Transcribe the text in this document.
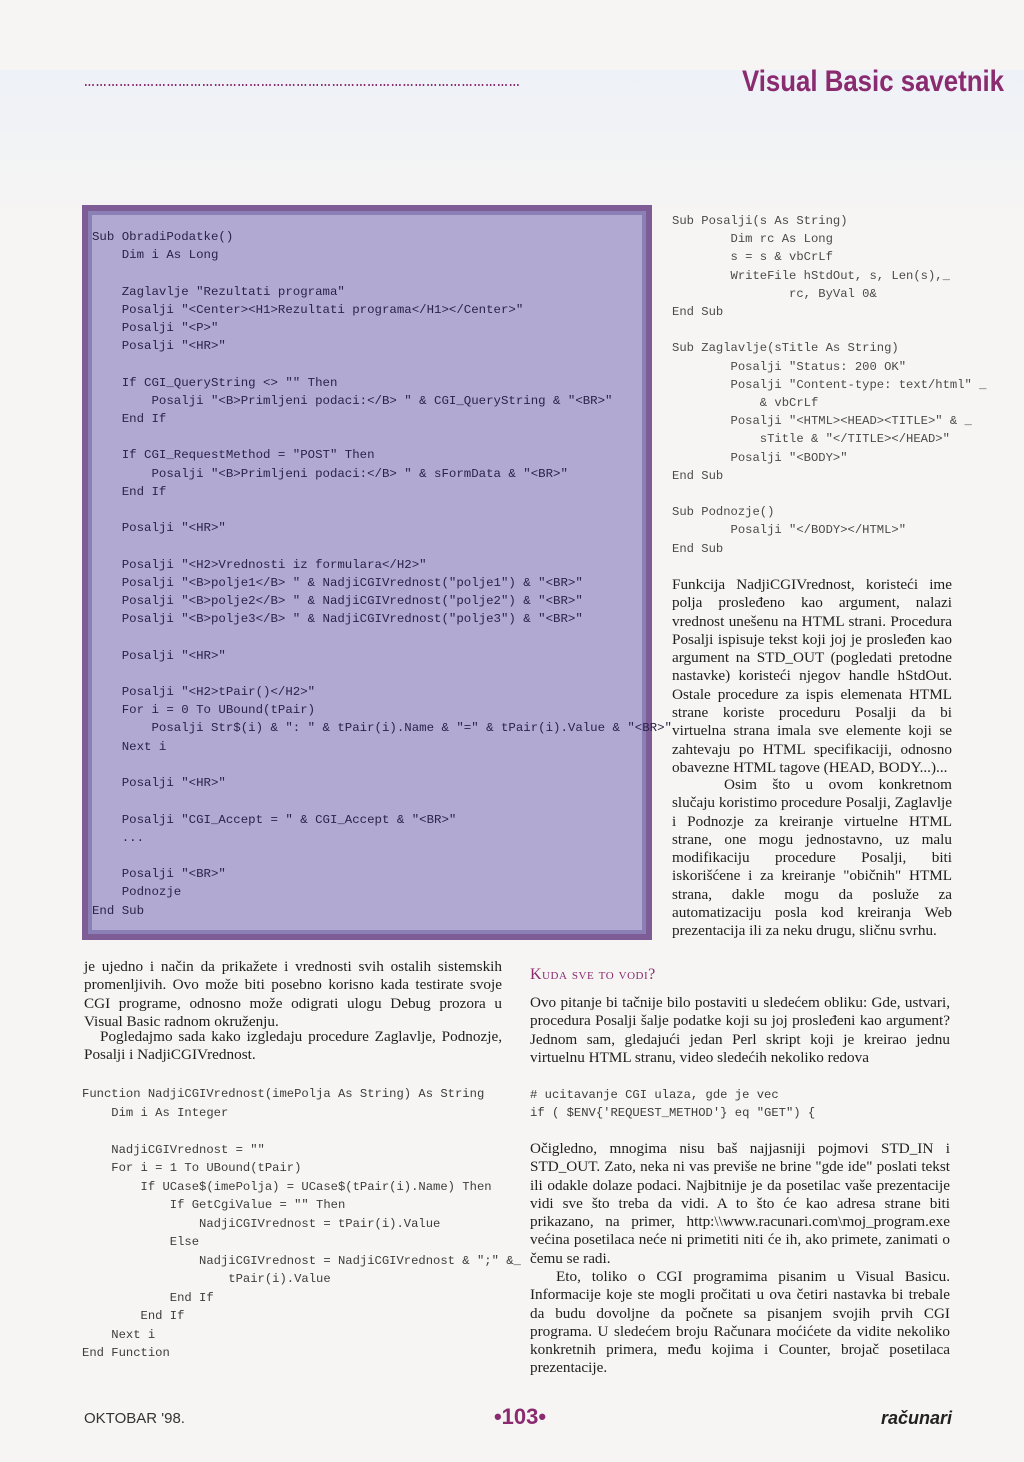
…………………………………………………………………………………………………	Visual Basic savetnik
Sub ObradiPodatke()
Dim i As Long

Zaglavlje "Rezultati programa"
Posalji "<Center><H1>Rezultati programa</H1></Center>"
Posalji "<P>"
Posalji "<HR>"

If CGI_QueryString <> "" Then
Posalji "<B>Primljeni podaci:</B> " & CGI_QueryString & "<BR>"
End If

If CGI_RequestMethod = "POST" Then
Posalji "<B>Primljeni podaci:</B> " & sFormData & "<BR>"
End If

Posalji "<HR>"

Posalji "<H2>Vrednosti iz formulara</H2>"
Posalji "<B>polje1</B> " & NadjiCGIVrednost("polje1") & "<BR>"
Posalji "<B>polje2</B> " & NadjiCGIVrednost("polje2") & "<BR>"
Posalji "<B>polje3</B> " & NadjiCGIVrednost("polje3") & "<BR>"

Posalji "<HR>"

Posalji "<H2>tPair()</H2>"
For i = 0 To UBound(tPair)
Posalji Str$(i) & ": " & tPair(i).Name & "=" & tPair(i).Value & "<BR>"
Next i

Posalji "<HR>"

Posalji "CGI_Accept = " & CGI_Accept & "<BR>"
...

Posalji "<BR>"
Podnozje
End Sub
Sub Posalji(s As String)
Dim rc As Long
s = s & vbCrLf
WriteFile hStdOut, s, Len(s),_
rc, ByVal 0&
End Sub

Sub Zaglavlje(sTitle As String)
Posalji "Status: 200 OK"
Posalji "Content-type: text/html" _
& vbCrLf
Posalji "<HTML><HEAD><TITLE>" & _
sTitle & "</TITLE></HEAD>"
Posalji "<BODY>"
End Sub

Sub Podnozje()
Posalji "</BODY></HTML>"
End Sub

Funkcija NadjiCGIVrednost, koristeći ime polja prosleđeno kao argument, nalazi vrednost unešenu na HTML strani. Procedura Posalji ispisuje tekst koji joj je prosleđen kao argument na STD_OUT (pogledati pretodne nastavke) koristeći njegov handle hStdOut. Ostale procedure za ispis elemenata HTML strane koriste proceduru Posalji da bi virtuelna strana imala sve elemente koji se zahtevaju po HTML specifikaciji, odnosno obavezne HTML tagove (HEAD, BODY...)...

Osim što u ovom konkretnom slučaju koristimo procedure Posalji, Zaglavlje i Podnozje za kreiranje virtuelne HTML strane, one mogu jednostavno, uz malu modifikaciju procedure Posalji, biti iskorišćene i za kreiranje "običnih" HTML strana, dakle mogu da posluže za automatizaciju posla kod kreiranja Web prezentacija ili za neku drugu, sličnu svrhu.

je ujedno i način da prikažete i vrednosti svih ostalih sistemskih promenljivih. Ovo može biti posebno korisno kada testirate svoje CGI programe, odnosno može odigrati ulogu Debug prozora u Visual Basic radnom okruženju.

Pogledajmo sada kako izgledaju procedure Zaglavlje, Podnozje, Posalji i NadjiCGIVrednost.

Function NadjiCGIVrednost(imePolja As String) As String
Dim i As Integer

NadjiCGIVrednost = ""
For i = 1 To UBound(tPair)
If UCase$(imePolja) = UCase$(tPair(i).Name) Then
If GetCgiValue = "" Then
NadjiCGIVrednost = tPair(i).Value
Else
NadjiCGIVrednost = NadjiCGIVrednost & ";" &_
tPair(i).Value
End If
End If
Next i
End Function
Kuda sve to vodi?

Ovo pitanje bi tačnije bilo postaviti u sledećem obliku: Gde, ustvari, procedura Posalji šalje podatke koji su joj prosleđeni kao argument? Jednom sam, gledajući jedan Perl skript koji je kreirao jednu virtuelnu HTML stranu, video sledećih nekoliko redova

# ucitavanje CGI ulaza, gde je vec
if ( $ENV{'REQUEST_METHOD'} eq "GET") {

Očigledno, mnogima nisu baš najjasniji pojmovi STD_IN i STD_OUT. Zato, neka ni vas previše ne brine "gde ide" poslati tekst ili odakle dolaze podaci. Najbitnije je da posetilac vaše prezentacije vidi sve što treba da vidi. A to što će kao adresa strane biti prikazano, na primer, http:\\www.racunari.com\moj_program.exe većina posetilaca neće ni primetiti niti će ih, ako primete, zanimati o čemu se radi.

Eto, toliko o CGI programima pisanim u Visual Basicu. Informacije koje ste mogli pročitati u ova četiri nastavka bi trebale da budu dovoljne da počnete sa pisanjem svojih prvih CGI programa. U sledećem broju Računara moćićete da vidite nekoliko konkretnih primera, među kojima i Counter, brojač posetilaca prezentacije.

OKTOBAR '98.	•103•	računari
